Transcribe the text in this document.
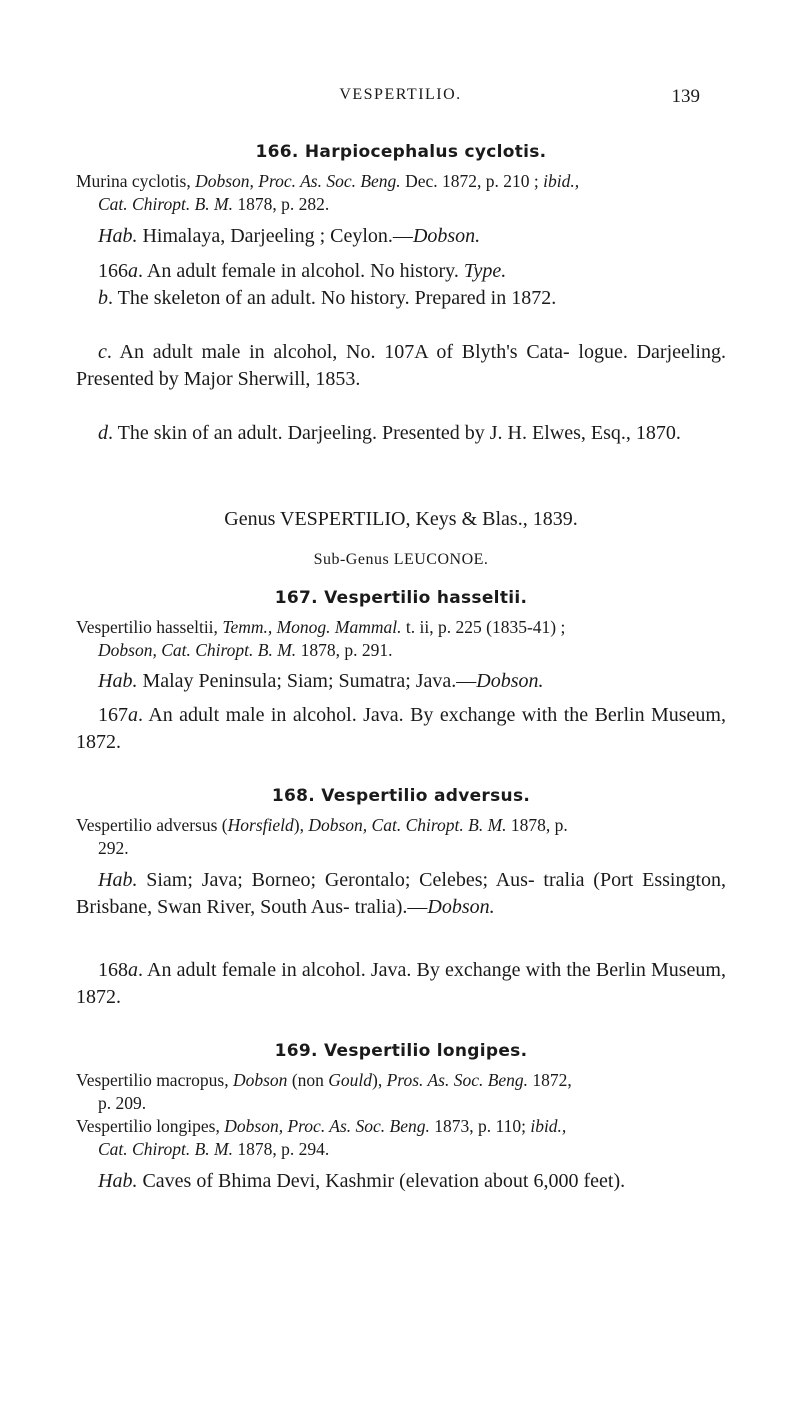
VESPERTILIO.	139
166. Harpiocephalus cyclotis.
Murina cyclotis, Dobson, Proc. As. Soc. Beng. Dec. 1872, p. 210 ; ibid.,
Cat. Chiropt. B. M. 1878, p. 282.
Hab. Himalaya, Darjeeling ; Ceylon.—Dobson.
166a. An adult female in alcohol. No history. Type.
b. The skeleton of an adult. No history. Prepared in 1872.
c. An adult male in alcohol, No. 107A of Blyth's Cata- logue. Darjeeling. Presented by Major Sherwill, 1853.
d. The skin of an adult. Darjeeling. Presented by J. H. Elwes, Esq., 1870.
Genus VESPERTILIO, Keys & Blas., 1839.
Sub-Genus LEUCONOE.
167. Vespertilio hasseltii.
Vespertilio hasseltii, Temm., Monog. Mammal. t. ii, p. 225 (1835-41) ;
Dobson, Cat. Chiropt. B. M. 1878, p. 291.
Hab. Malay Peninsula; Siam; Sumatra; Java.—Dobson.
167a. An adult male in alcohol. Java. By exchange with the Berlin Museum, 1872.
168. Vespertilio adversus.
Vespertilio adversus (Horsfield), Dobson, Cat. Chiropt. B. M. 1878, p.
292.
Hab. Siam; Java; Borneo; Gerontalo; Celebes; Aus- tralia (Port Essington, Brisbane, Swan River, South Aus- tralia).—Dobson.
168a. An adult female in alcohol. Java. By exchange with the Berlin Museum, 1872.
169. Vespertilio longipes.
Vespertilio macropus, Dobson (non Gould), Pros. As. Soc. Beng. 1872,
p. 209.
Vespertilio longipes, Dobson, Proc. As. Soc. Beng. 1873, p. 110; ibid.,
Cat. Chiropt. B. M. 1878, p. 294.
Hab. Caves of Bhima Devi, Kashmir (elevation about 6,000 feet).
